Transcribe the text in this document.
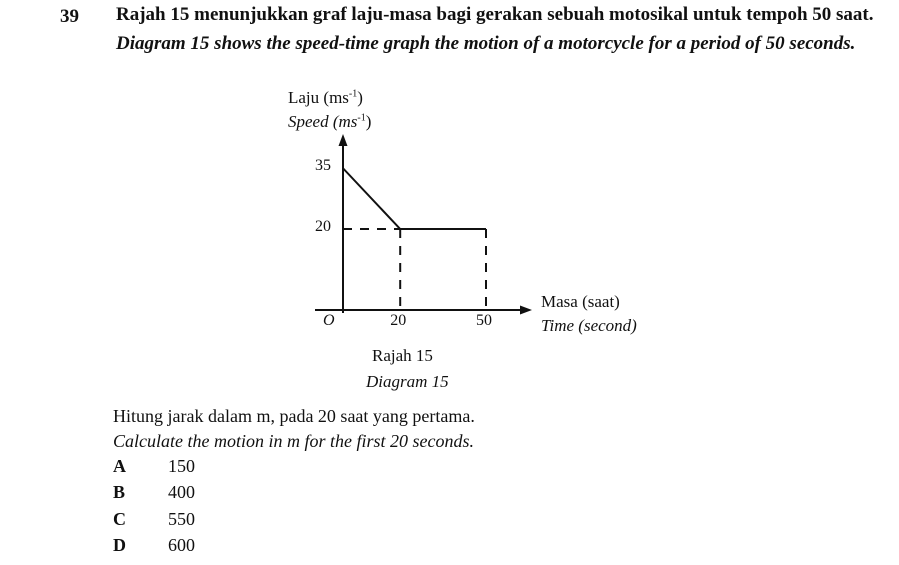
39 Rajah 15 menunjukkan graf laju-masa bagi gerakan sebuah motosikal untuk tempoh 50 saat.
Diagram 15 shows the speed-time graph the motion of a motorcycle for a period of 50 seconds.
Laju $(ms^{-1})$
Speed $(ms^{-1})$
35
20
O	20	50
Masa (saat)
Time (second)
Rajah 15
Diagram 15
Hitung jarak dalam m, pada 20 saat yang pertama.
Calculate the motion in m for the first 20 seconds.
A 150
B 400
C 550
D 600
